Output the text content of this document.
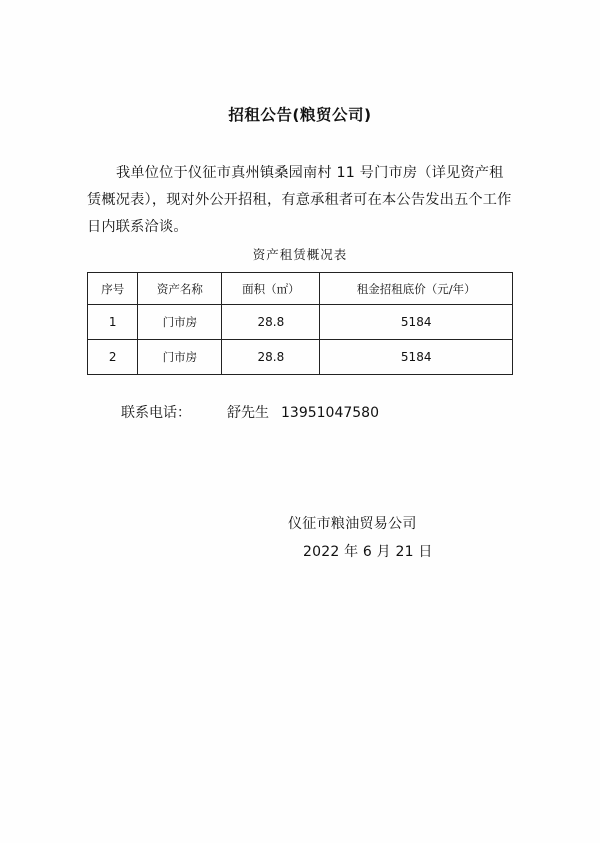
招租公告(粮贸公司)
我单位位于仪征市真州镇桑园南村 11 号门市房（详见资产租赁概况表），现对外公开招租，有意承租者可在本公告发出五个工作日内联系洽谈。
资产租赁概况表
序号	资产名称	面积（㎡）	租金招租底价（元/年）
1	门市房	28.8	5184
2	门市房	28.8	5184
联系电话：	舒先生 13951047580
仪征市粮油贸易公司
2022 年 6 月 21 日
